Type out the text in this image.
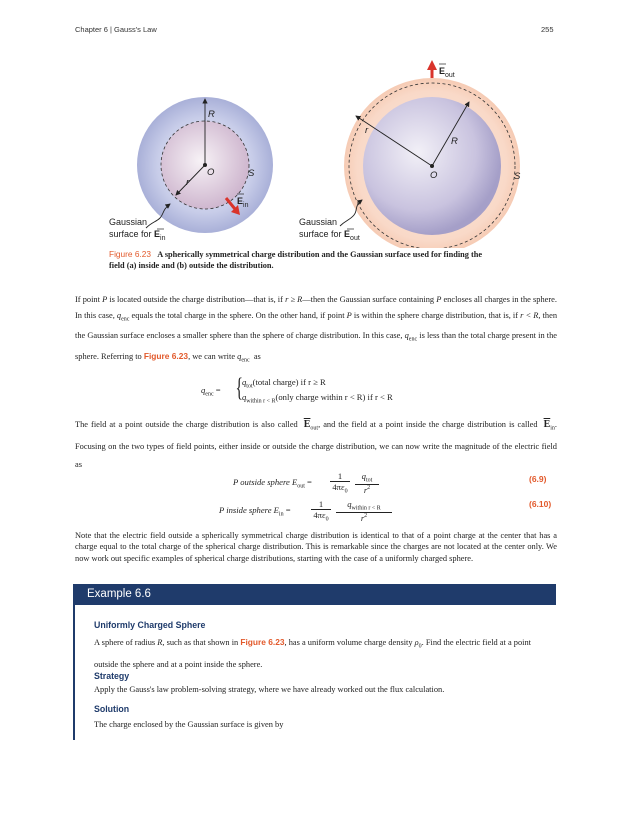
Chapter 6 | Gauss's Law	255
R
r
O	S
$E_{in}$
Gaussian
surface for $E_{in}$
R
r
O	S
$E_{out}$
Gaussian
surface for $E_{out}$
Figure 6.23 A spherically symmetrical charge distribution and the Gaussian surface used for finding the
field (a) inside and (b) outside the distribution.
If point P is located outside the charge distribution—that is, if r ≥ R—then the Gaussian surface containing P encloses all charges in the sphere. In this case, $q_{enc}$ equals the total charge in the sphere. On the other hand, if point P is within the sphere charge distribution, that is, if r < R, then the Gaussian surface encloses a smaller sphere than the sphere of charge distribution. In this case, $q_{enc}$ is less than the total charge present in the sphere. Referring to Figure 6.23, we can write $q_{enc}$  as
$q_{enc}$ = { $q_{tot}(total$ charge) if r ≥ R
$q_{within r < R}(only$ charge within r < R) if r < R
The field at a point outside the charge distribution is also called  $\overline{E}_{out}$, and the field at a point inside the charge distribution is called  $\overline{E}_{in}$. Focusing on the two types of field points, either inside or outside the charge distribution, we can now write the magnitude of the electric field as
P outside sphere $E_{out}$ =
1
$4\pi\varepsilon_0$
$q_{tot}$
$r^2$
(6.9)
P inside sphere $E_{in}$ =
1
$4\pi\varepsilon_0$
$q_{within r < R}$
$r^2$
(6.10)
Note that the electric field outside a spherically symmetrical charge distribution is identical to that of a point charge at the center that has a charge equal to the total charge of the spherical charge distribution. This is remarkable since the charges are not located at the center only. We now work out specific examples of spherical charge distributions, starting with the case of a uniformly charged sphere.
Example 6.6
Uniformly Charged Sphere
A sphere of radius R, such as that shown in Figure 6.23, has a uniform volume charge density $\rho_0$. Find the electric field at a point outside the sphere and at a point inside the sphere.
Strategy
Apply the Gauss's law problem-solving strategy, where we have already worked out the flux calculation.
Solution
The charge enclosed by the Gaussian surface is given by
